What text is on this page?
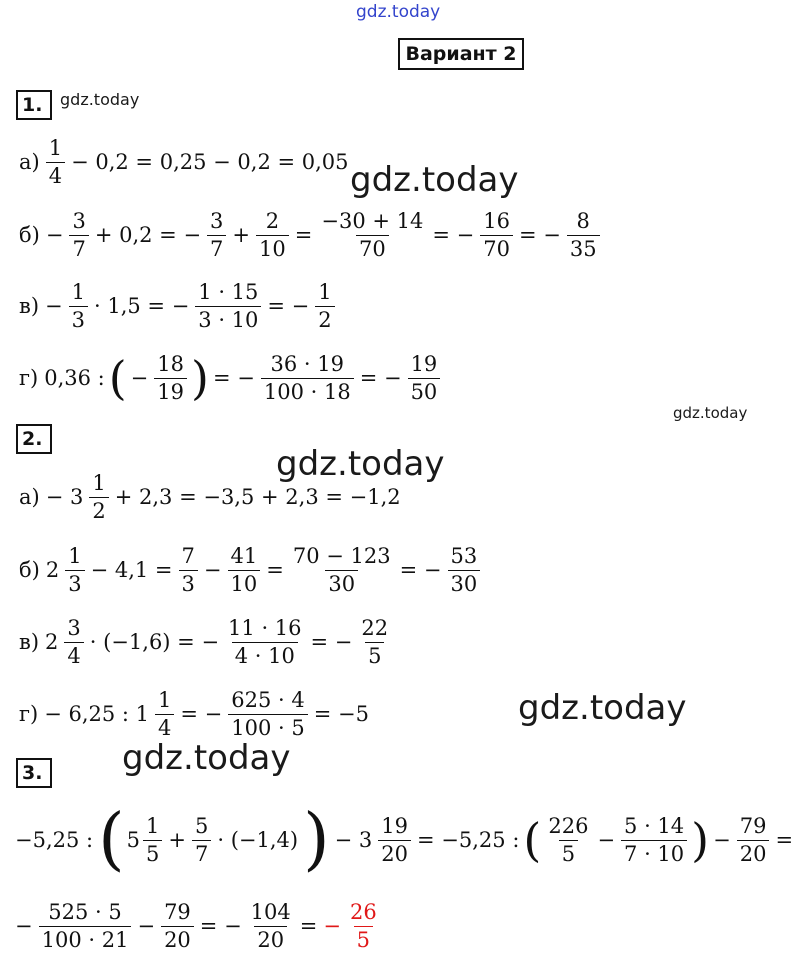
gdz.today
gdz.today
gdz.today
gdz.today
gdz.today
gdz.today
gdz.today
Вариант 2
1.
$а) \frac{1}{4} - 0,2 = 0,25 - 0,2 = 0,05$
$б) - \frac{3}{7} + 0,2$ = − $\frac{3}{7} + \frac{2}{10} = \frac{-30 + 14}{70}$ = − $\frac{16}{70}$ = − $\frac{8}{35}$
$в) - \frac{1}{3} \cdot 1,5$ = − $\frac{1 \cdot 15}{3 \cdot 10}$ = − $\frac{1}{2}$
г) 0,36 : ( − $\frac{18}{19}$ ) = − $\frac{36 \cdot 19}{100 \cdot 18}$ = − $\frac{19}{50}$
2.
$а) - 3 \frac{1}{2} + 2,3 = -3,5 + 2,3 = -1,2$
б) $2 \frac{1}{3} - 4,1 = \frac{7}{3} - \frac{41}{10} = \frac{70 - 123}{30}$ = − $\frac{53}{30}$
в) $2 \frac{3}{4} \cdot (-1,6)$ = − $\frac{11 \cdot 16}{4 \cdot 10}$ = − $\frac{22}{5}$
г) − 6,25 : $1 \frac{1}{4}$ = − $\frac{625 \cdot 4}{100 \cdot 5} = -5$
3.
−5,25 : ( $5 \frac{1}{5} + \frac{5}{7} \cdot (-1,4)$ ) − $3 \frac{19}{20} = -5,25$ : ( $\frac{226}{5} - \frac{5 \cdot 14}{7 \cdot 10}$ ) − $\frac{79}{20}$ =
− $\frac{525 \cdot 5}{100 \cdot 21} - \frac{79}{20}$ = − $\frac{104}{20}$ = − $\frac{26}{5}$
